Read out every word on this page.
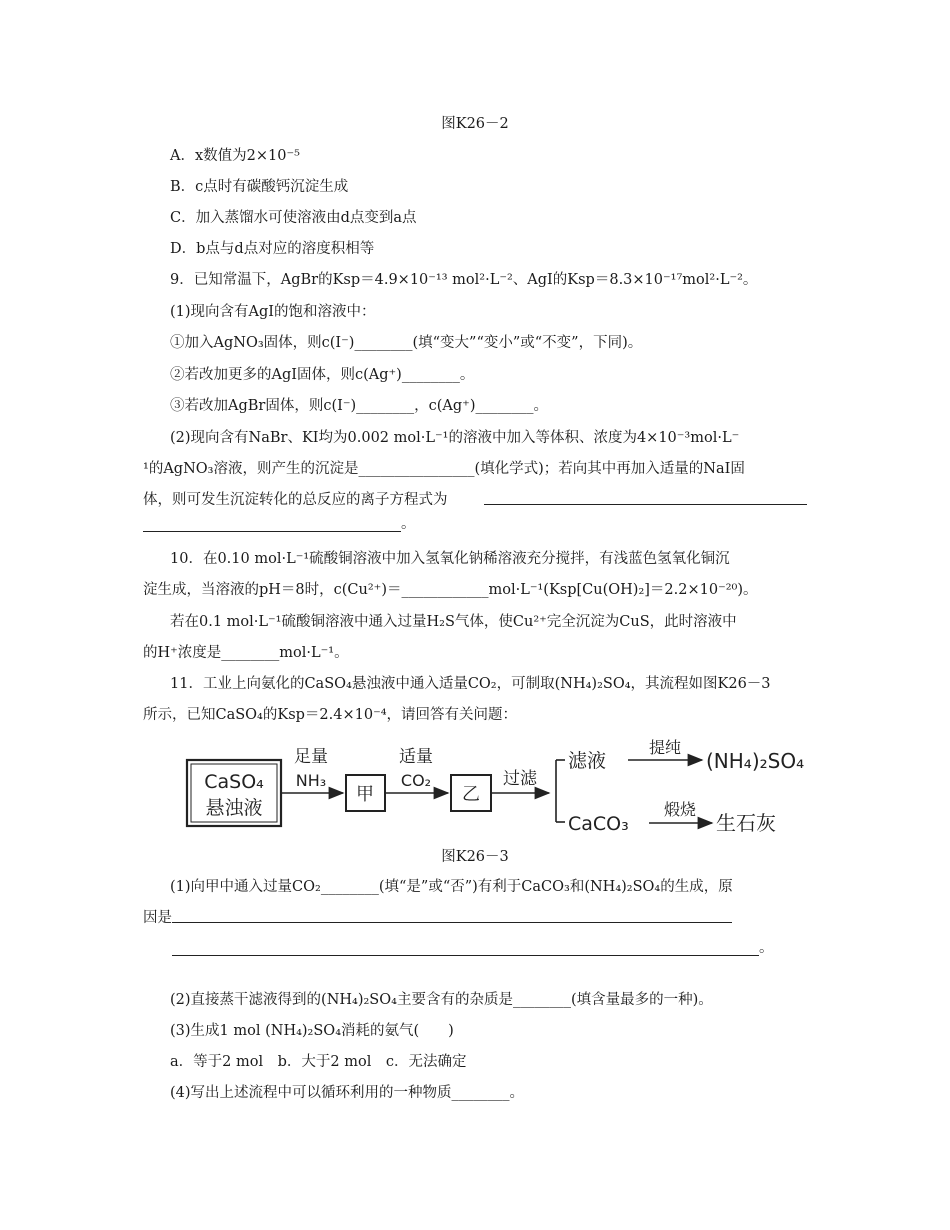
图K26－2
A．x数值为2×10⁻⁵
B．c点时有碳酸钙沉淀生成
C．加入蒸馏水可使溶液由d点变到a点
D．b点与d点对应的溶度积相等
9．已知常温下，AgBr的Ksp＝4.9×10⁻¹³ mol²·L⁻²、AgI的Ksp＝8.3×10⁻¹⁷mol²·L⁻²。
(1)现向含有AgI的饱和溶液中：
①加入AgNO₃固体，则c(I⁻)________(填“变大”“变小”或“不变”，下同)。
②若改加更多的AgI固体，则c(Ag⁺)________。
③若改加AgBr固体，则c(I⁻)________，c(Ag⁺)________。
(2)现向含有NaBr、KI均为0.002 mol·L⁻¹的溶液中加入等体积、浓度为4×10⁻³mol·L⁻
¹的AgNO₃溶液，则产生的沉淀是________________(填化学式)；若向其中再加入适量的NaI固
体，则可发生沉淀转化的总反应的离子方程式为
。
10．在0.10 mol·L⁻¹硫酸铜溶液中加入氢氧化钠稀溶液充分搅拌，有浅蓝色氢氧化铜沉
淀生成，当溶液的pH＝8时，c(Cu²⁺)＝____________mol·L⁻¹(Ksp[Cu(OH)₂]＝2.2×10⁻²⁰)。
若在0.1 mol·L⁻¹硫酸铜溶液中通入过量H₂S气体，使Cu²⁺完全沉淀为CuS，此时溶液中
的H⁺浓度是________mol·L⁻¹。
11．工业上向氨化的CaSO₄悬浊液中通入适量CO₂，可制取(NH₄)₂SO₄，其流程如图K26－3
所示，已知CaSO₄的Ksp＝2.4×10⁻⁴，请回答有关问题：
CaSO₄
悬浊液
足量
NH₃
甲
适量
CO₂
乙
过滤
滤液
提纯
(NH₄)₂SO₄
CaCO₃
煅烧
生石灰
图K26－3
(1)向甲中通入过量CO₂________(填“是”或“否”)有利于CaCO₃和(NH₄)₂SO₄的生成，原
因是
。
(2)直接蒸干滤液得到的(NH₄)₂SO₄主要含有的杂质是________(填含量最多的一种)。
(3)生成1 mol (NH₄)₂SO₄消耗的氨气(　　)
a．等于2 mol　b．大于2 mol　c．无法确定
(4)写出上述流程中可以循环利用的一种物质________。
